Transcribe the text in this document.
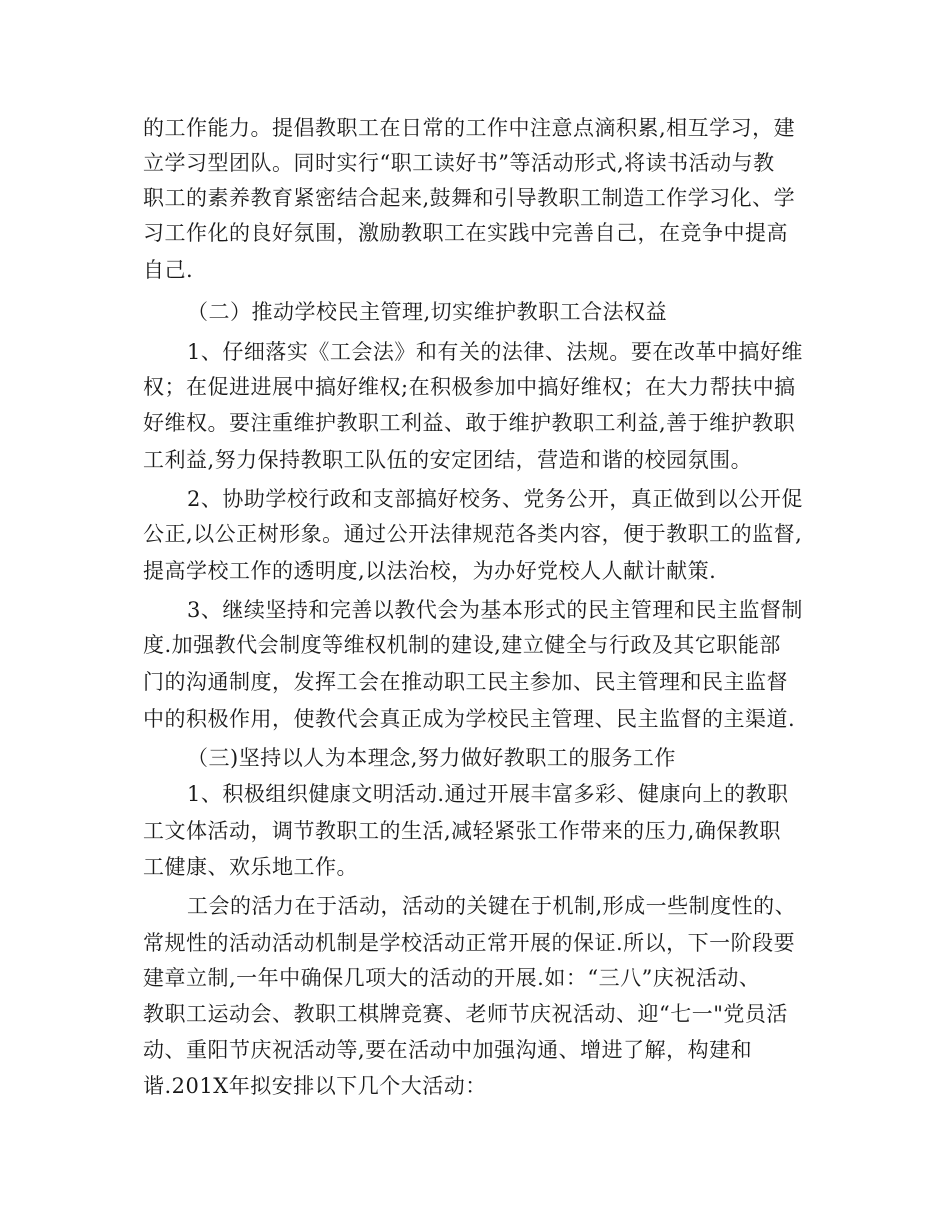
的工作能力。提倡教职工在日常的工作中注意点滴积累,相互学习，建
立学习型团队。同时实行“职工读好书”等活动形式,将读书活动与教
职工的素养教育紧密结合起来,鼓舞和引导教职工制造工作学习化、学
习工作化的良好氛围，激励教职工在实践中完善自己，在竞争中提高
自己.
（二）推动学校民主管理,切实维护教职工合法权益
1、仔细落实《工会法》和有关的法律、法规。要在改革中搞好维
权；在促进进展中搞好维权;在积极参加中搞好维权；在大力帮扶中搞
好维权。要注重维护教职工利益、敢于维护教职工利益,善于维护教职
工利益,努力保持教职工队伍的安定团结，营造和谐的校园氛围。
2、协助学校行政和支部搞好校务、党务公开，真正做到以公开促
公正,以公正树形象。通过公开法律规范各类内容，便于教职工的监督,
提高学校工作的透明度,以法治校，为办好党校人人献计献策.
3、继续坚持和完善以教代会为基本形式的民主管理和民主监督制
度.加强教代会制度等维权机制的建设,建立健全与行政及其它职能部
门的沟通制度，发挥工会在推动职工民主参加、民主管理和民主监督
中的积极作用，使教代会真正成为学校民主管理、民主监督的主渠道.
（三)坚持以人为本理念,努力做好教职工的服务工作
1、积极组织健康文明活动.通过开展丰富多彩、健康向上的教职
工文体活动，调节教职工的生活,减轻紧张工作带来的压力,确保教职
工健康、欢乐地工作。
工会的活力在于活动，活动的关键在于机制,形成一些制度性的、
常规性的活动活动机制是学校活动正常开展的保证.所以，下一阶段要
建章立制,一年中确保几项大的活动的开展.如：“三八”庆祝活动、
教职工运动会、教职工棋牌竞赛、老师节庆祝活动、迎“七一"党员活
动、重阳节庆祝活动等,要在活动中加强沟通、增进了解，构建和
谐.201X年拟安排以下几个大活动：
